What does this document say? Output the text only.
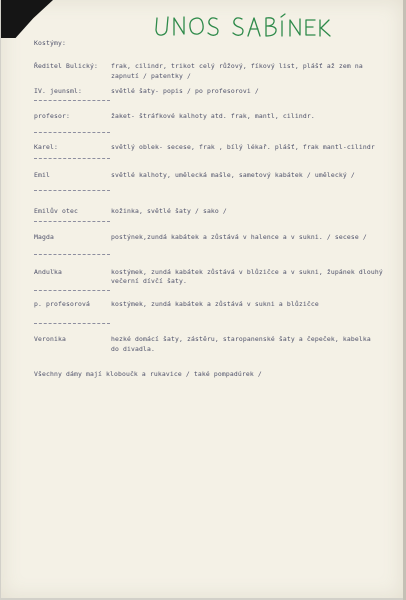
Kostýmy:
Ředitel Bulický: frak, cilindr, trikot celý růžový, fíkový list, plášť až zem na
zapnutí / patentky /
IV. jeunsml:	světlé šaty- popis / po profesorovi /
profesor:	žaket- štráfkové kalhoty atd. frak, mantl, cilindr.
Karel:	světlý oblek- secese, frak , bílý lékař. plášť, frak mantl-cilindr
Emil	světlé kalhoty, umělecká mašle, sametový kabátek / umělecký /
Emilův otec	kožinka, světlé šaty / sako /
Magda	postýnek,zundá kabátek a zůstává v halence a v sukni. / secese /
Anduľka	kostýmek, zundá kabátek zůstává v blůzičce a v sukni, župánek dlouhý
večerní dívčí šaty.
p. profesorová	kostýmek, zundá kabátek a zůstává v sukni a blůzičce
Veronika	hezké domácí šaty, zástěru, staropanenské šaty a čepeček, kabelka
do divadla.
Všechny dámy mají kloboučk a rukavice / také pompadúrek /
